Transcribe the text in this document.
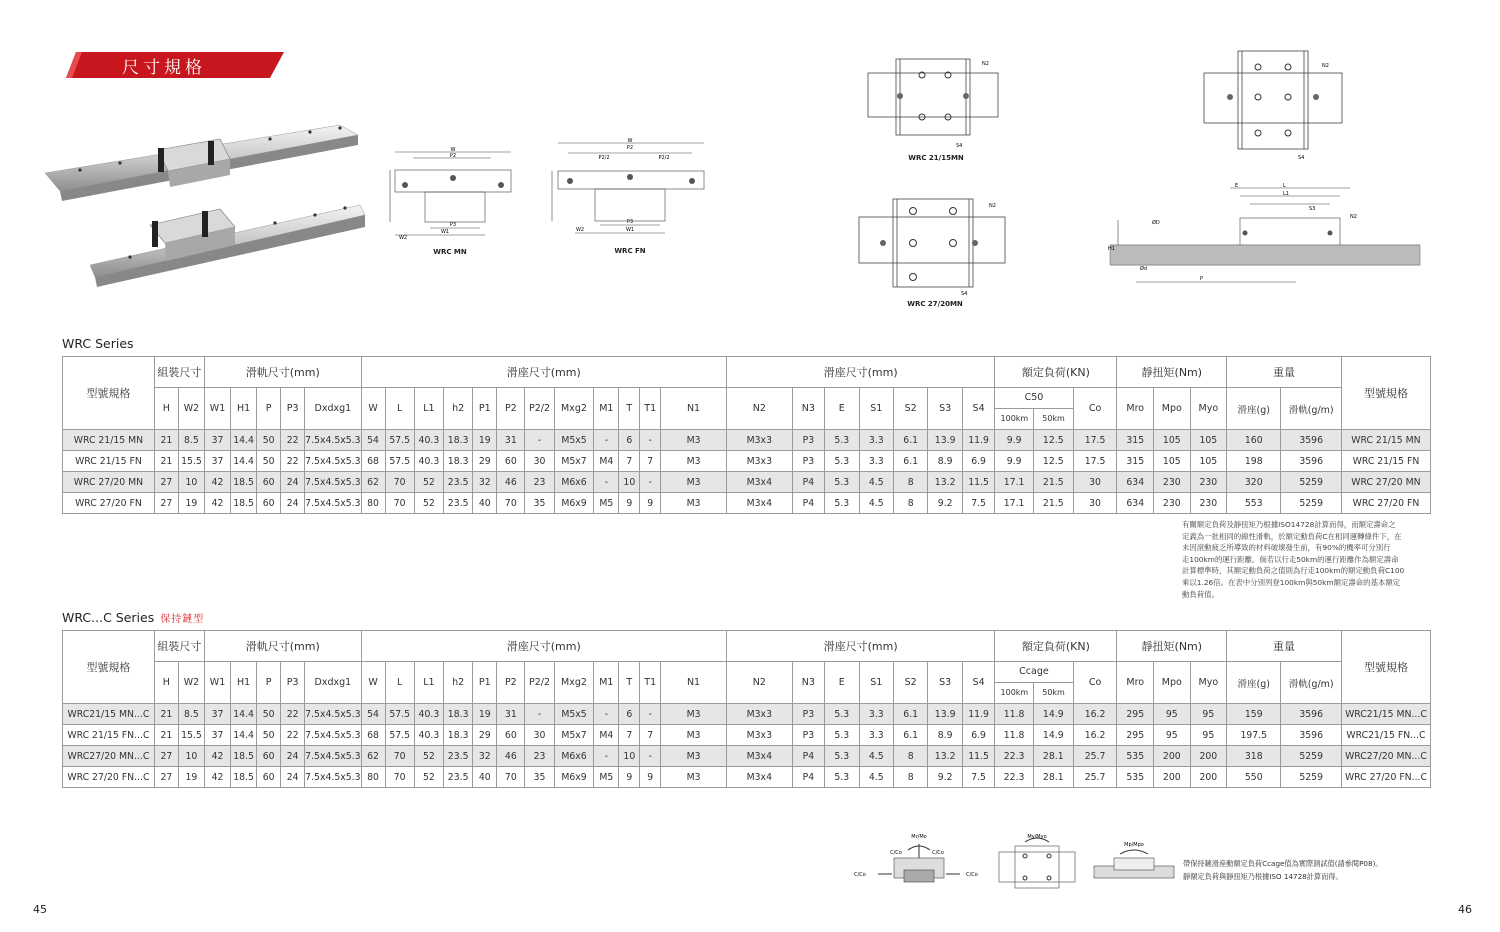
尺寸規格
W
P2
P3
W1
W2
WRC MN
W
P2
P2/2	P2/2
P3
W1
W2
WRC FN
N2
S4
WRC 21/15MN
N2
S4
WRC 27/20MN
N2
S4
E	L
L1
S3
N2
ØD
Ød
P
H1
WRC Series
型號規格	組裝尺寸		滑軌尺寸(mm)					滑座尺寸(mm)												滑座尺寸(mm)							額定負荷(KN)			靜扭矩(Nm)			重量		型號規格
	H	W2	W1	H1	P	P3	Dxdxg1	W	L	L1	h2	P1	P2	P2/2	Mxg2	M1	T	T1	N1	N2	N3	E	S1	S2	S3	S4	C50
100km 50km		Co	Mro	Mpo	Myo	滑座(g)	滑軌(g/m)	
WRC 21/15 MN	21	8.5	37	14.4	50	22	7.5x4.5x5.3	54	57.5	40.3	18.3	19	31	-	M5x5	-	6	-	M3	M3x3	P3	5.3	3.3	6.1	13.9	11.9	9.9	12.5	17.5	315	105	105	160	3596	WRC 21/15 MN
WRC 21/15 FN	21	15.5	37	14.4	50	22	7.5x4.5x5.3	68	57.5	40.3	18.3	29	60	30	M5x7	M4	7	7	M3	M3x3	P3	5.3	3.3	6.1	8.9	6.9	9.9	12.5	17.5	315	105	105	198	3596	WRC 21/15 FN
WRC 27/20 MN	27	10	42	18.5	60	24	7.5x4.5x5.3	62	70	52	23.5	32	46	23	M6x6	-	10	-	M3	M3x4	P4	5.3	4.5	8	13.2	11.5	17.1	21.5	30	634	230	230	320	5259	WRC 27/20 MN
WRC 27/20 FN	27	19	42	18.5	60	24	7.5x4.5x5.3	80	70	52	23.5	40	70	35	M6x9	M5	9	9	M3	M3x4	P4	5.3	4.5	8	9.2	7.5	17.1	21.5	30	634	230	230	553	5259	WRC 27/20 FN
有關額定負荷及靜扭矩乃根據ISO14728計算而得，而額定壽命之
定義為一批相同的線性滑軌，於額定動負荷C在相同運轉條件下，在
未因滾動疲乏所導致的材料破壞發生前，有90%的機率可分別行
走100km的運行距離。倘若以行走50km的運行距離作為額定壽命
計算標準時，其額定動負荷之值則為行走100km的額定動負荷C100
乘以1.26倍。在表中分別列登100km與50km額定壽命的基本額定
動負荷值。
WRC...C Series 保持鏈型
型號規格	組裝尺寸		滑軌尺寸(mm)					滑座尺寸(mm)												滑座尺寸(mm)							額定負荷(KN)			靜扭矩(Nm)			重量		型號規格
	H	W2	W1	H1	P	P3	Dxdxg1	W	L	L1	h2	P1	P2	P2/2	Mxg2	M1	T	T1	N1	N2	N3	E	S1	S2	S3	S4	Ccage
100km 50km		Co	Mro	Mpo	Myo	滑座(g)	滑軌(g/m)	
WRC21/15 MN...C	21	8.5	37	14.4	50	22	7.5x4.5x5.3	54	57.5	40.3	18.3	19	31	-	M5x5	-	6	-	M3	M3x3	P3	5.3	3.3	6.1	13.9	11.9	11.8	14.9	16.2	295	95	95	159	3596	WRC21/15 MN...C
WRC 21/15 FN...C	21	15.5	37	14.4	50	22	7.5x4.5x5.3	68	57.5	40.3	18.3	29	60	30	M5x7	M4	7	7	M3	M3x3	P3	5.3	3.3	6.1	8.9	6.9	11.8	14.9	16.2	295	95	95	197.5	3596	WRC21/15 FN...C
WRC27/20 MN...C	27	10	42	18.5	60	24	7.5x4.5x5.3	62	70	52	23.5	32	46	23	M6x6	-	10	-	M3	M3x4	P4	5.3	4.5	8	13.2	11.5	22.3	28.1	25.7	535	200	200	318	5259	WRC27/20 MN...C
WRC 27/20 FN...C	27	19	42	18.5	60	24	7.5x4.5x5.3	80	70	52	23.5	40	70	35	M6x9	M5	9	9	M3	M3x4	P4	5.3	4.5	8	9.2	7.5	22.3	28.1	25.7	535	200	200	550	5259	WRC 27/20 FN...C
Mr/Mo
C/Co	C/Co
C/Co	C/Co
My/Myo
Mp/Mpo
帶保持鏈滑座動額定負荷Ccage值為實際測試值(請參閱P08)。
靜額定負荷與靜扭矩乃根據ISO 14728計算而得。
45	46
